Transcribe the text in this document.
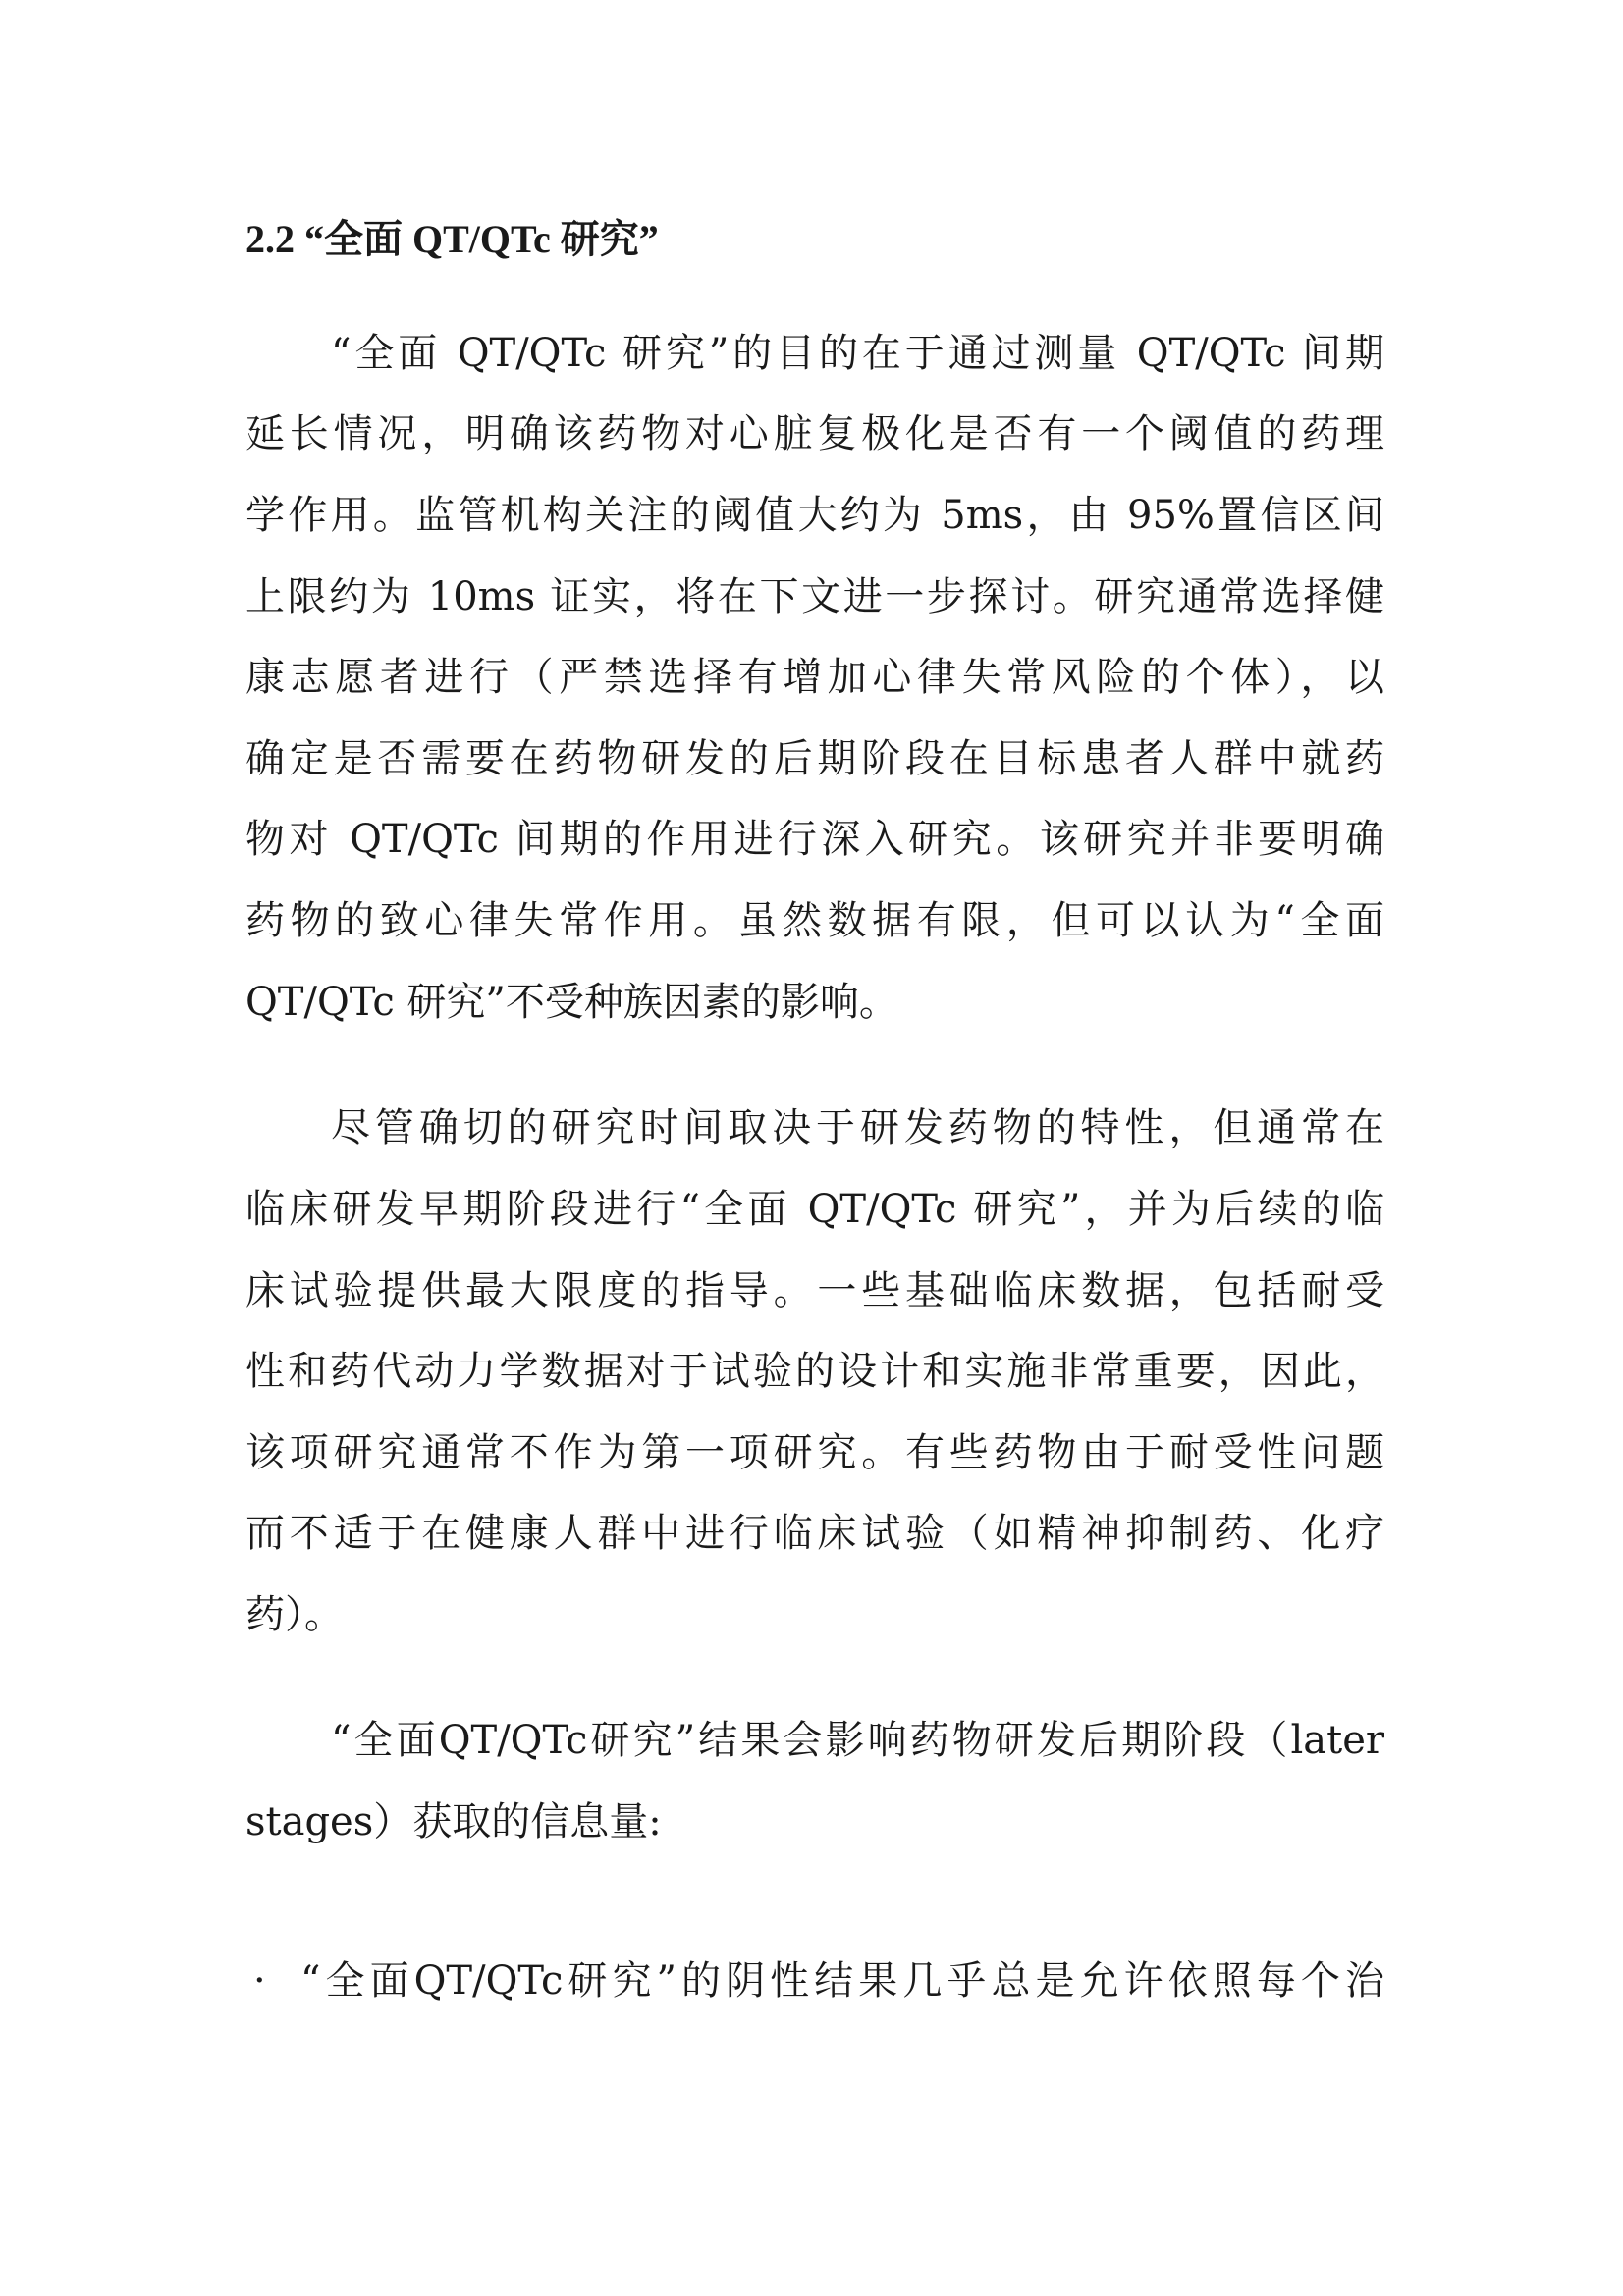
2.2 “全面 QT/QTc 研究”
“全面 QT/QTc 研究”的目的在于通过测量 QT/QTc 间期
延长情况，明确该药物对心脏复极化是否有一个阈值的药理
学作用。监管机构关注的阈值大约为 5ms，由 95%置信区间
上限约为 10ms 证实，将在下文进一步探讨。研究通常选择健
康志愿者进行（严禁选择有增加心律失常风险的个体），以
确定是否需要在药物研发的后期阶段在目标患者人群中就药
物对 QT/QTc 间期的作用进行深入研究。该研究并非要明确
药物的致心律失常作用。虽然数据有限，但可以认为“全面
QT/QTc 研究”不受种族因素的影响。
尽管确切的研究时间取决于研发药物的特性，但通常在
临床研发早期阶段进行“全面 QT/QTc 研究”，并为后续的临
床试验提供最大限度的指导。一些基础临床数据，包括耐受
性和药代动力学数据对于试验的设计和实施非常重要，因此，
该项研究通常不作为第一项研究。有些药物由于耐受性问题
而不适于在健康人群中进行临床试验（如精神抑制药、化疗
药）。
“全面QT/QTc研究”结果会影响药物研发后期阶段（later
stages）获取的信息量:
· “全面QT/QTc研究”的阴性结果几乎总是允许依照每个治
